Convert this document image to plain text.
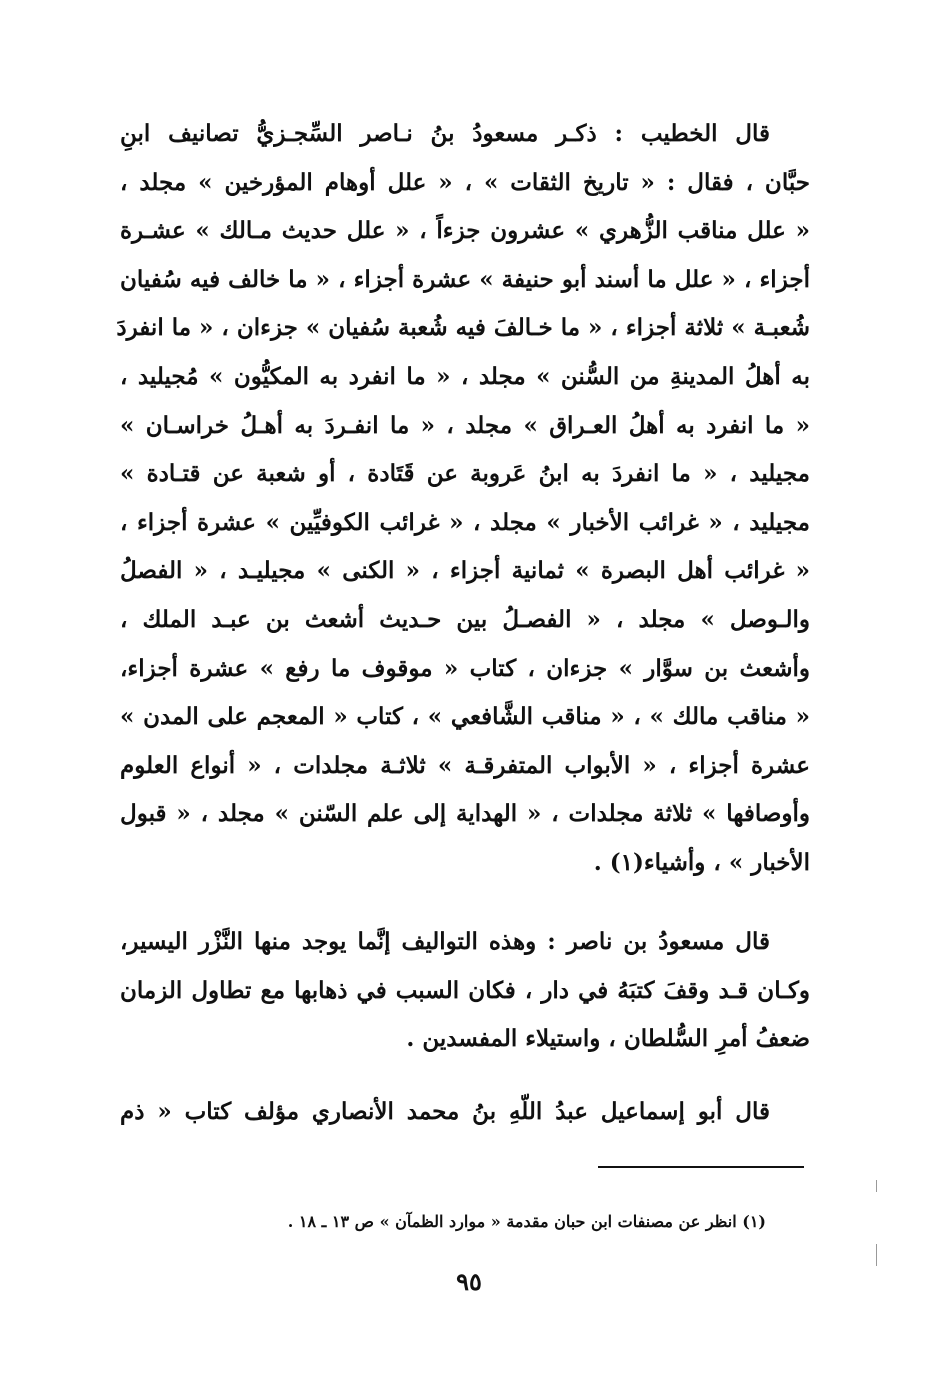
قال الخطيب : ذكـر مسعودُ بنُ نـاصر السِّجـزيُّ تصانيف ابنِ
حبَّان ، فقال : « تاريخ الثقات » ، « علل أوهام المؤرخين » مجلد ،
« علل مناقب الزُّهري » عشرون جزءاً ، « علل حديث مـالك » عشـرة
أجزاء ، « علل ما أسند أبو حنيفة » عشرة أجزاء ، « ما خالف فيه سُفيان
شُعبـة » ثلاثة أجزاء ، « ما خـالفَ فيه شُعبة سُفيان » جزءان ، « ما انفردَ
به أهلُ المدينةِ من السُّنن » مجلد ، « ما انفرد به المكيُّون » مُجيليد ،
« ما انفرد به أهلُ العـراق » مجلد ، « ما انفـردَ به أهـلُ خراسـان »
مجيليد ، « ما انفردَ به ابنُ عَروبة عن قَتَادة ، أو شعبة عن قتـادة »
مجيليد ، « غرائب الأخبار » مجلد ، « غرائب الكوفيِّين » عشرة أجزاء ،
« غرائب أهل البصرة » ثمانية أجزاء ، « الكنى » مجيليـد ، « الفصلُ
والـوصل » مجلد ، « الفصـلُ بين حـديث أشعث بن عبـد الملك ،
وأشعث بن سوَّار » جزءان ، كتاب « موقوف ما رفع » عشرة أجزاء،
« مناقب مالك » ، « مناقب الشَّافعي » ، كتاب « المعجم على المدن »
عشرة أجزاء ، « الأبواب المتفرقـة » ثلاثـة مجلدات ، « أنواع العلوم
وأوصافها » ثلاثة مجلدات ، « الهداية إلى علم السّنن » مجلد ، « قبول
الأخبار » ، وأشياء(١) .
قال مسعودُ بن ناصر : وهذه التواليف إنَّما يوجد منها النَّزْر اليسير،
وكـان قـد وقفَ كتبَهُ في دار ، فكان السبب في ذهابها مع تطاول الزمان
ضعفُ أمرِ السُّلطان ، واستيلاء المفسدين .
قال أبو إسماعيل عبدُ اللّهِ بنُ محمد الأنصاري مؤلف كتاب « ذم
(١) انظر عن مصنفات ابن حبان مقدمة « موارد الظمآن » ص ١٣ ـ ١٨ .
٩٥
